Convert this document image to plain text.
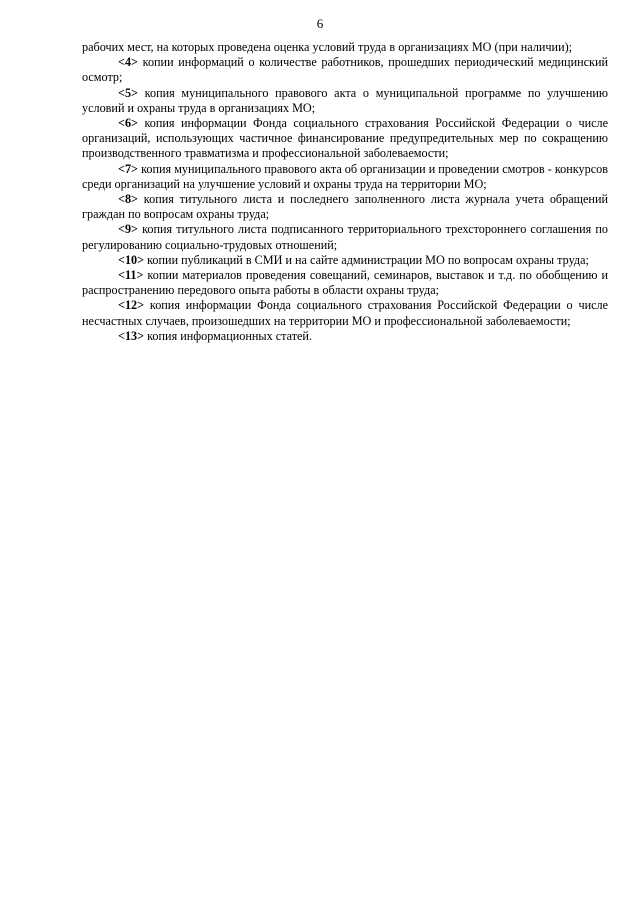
6

рабочих мест, на которых проведена оценка условий труда в организациях МО (при наличии);

<4> копии информаций о количестве работников, прошедших периодический медицинский осмотр;

<5> копия муниципального правового акта о муниципальной программе по улучшению условий и охраны труда в организациях МО;

<6> копия информации Фонда социального страхования Российской Федерации о числе организаций, использующих частичное финансирование предупредительных мер по сокращению производственного травматизма и профессиональной заболеваемости;

<7> копия муниципального правового акта об организации и проведении смотров - конкурсов среди организаций на улучшение условий и охраны труда на территории МО;

<8> копия титульного листа и последнего заполненного листа журнала учета обращений граждан по вопросам охраны труда;

<9> копия титульного листа подписанного территориального трехстороннего соглашения по регулированию социально-трудовых отношений;

<10> копии публикаций в СМИ и на сайте администрации МО по вопросам охраны труда;

<11> копии материалов проведения совещаний, семинаров, выставок и т.д. по обобщению и распространению передового опыта работы в области охраны труда;

<12> копия информации Фонда социального страхования Российской Федерации о числе несчастных случаев, произошедших на территории МО и профессиональной заболеваемости;

<13> копия информационных статей.
